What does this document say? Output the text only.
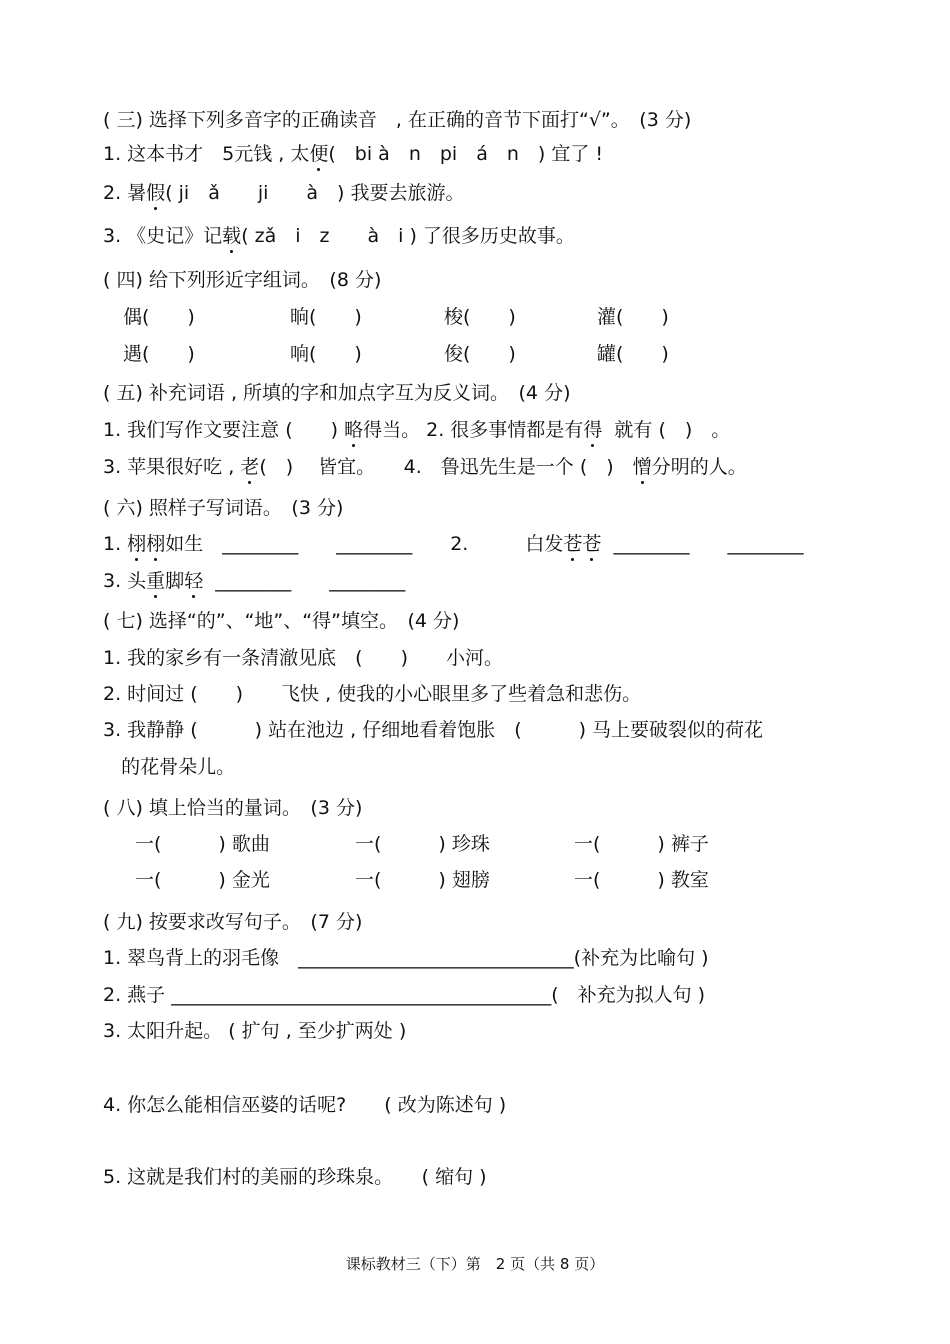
( 三) 选择下列多音字的正确读音　, 在正确的音节下面打“√”。　(3 分)
1. 这本书才　5元钱 , 太便(　bi à　n　pi　á　n　) 宜了 !
2. 暑假( ji　ǎ　　ji　　à　) 我要去旅游。
3. 《史记》记载( zǎ　i　z　　à　i ) 了很多历史故事。
( 四) 给下列形近字组词。　(8 分)
偶(　　)	晌(　　)	梭(　　)	灌(　　)
遇(　　)	响(　　)	俊(　　)	罐(　　)
( 五) 补充词语 , 所填的字和加点字互为反义词。　(4 分)
1. 我们写作文要注意 (　　) 略得当。 2. 很多事情都是有得  就有 (　)　。
3. 苹果很好吃 , 老(　)　 皆宜。　　4.　鲁迅先生是一个 (　)　憎分明的人。
( 六) 照样子写词语。　(3 分)
1. 栩栩如生　________　　________　　2.　　　白发苍苍  ________　　________
3. 头重脚轻  ________　　________
( 七) 选择“的”、“地”、“得”填空。　(4 分)
1. 我的家乡有一条清澈见底　(　　)　　小河。
2. 时间过 (　　)　　飞快 , 使我的小心眼里多了些着急和悲伤。
3. 我静静 (　　　) 站在池边 , 仔细地看着饱胀　(　　　) 马上要破裂似的荷花
的花骨朵儿。
( 八) 填上恰当的量词。　(3 分)
一(　　　) 歌曲	一(　　　) 珍珠	一(　　　) 裤子
一(　　　) 金光	一(　　　) 翅膀	一(　　　) 教室
( 九) 按要求改写句子。　(7 分)
1. 翠鸟背上的羽毛像　_____________________________(补充为比喻句 )
2. 燕子 ________________________________________(　补充为拟人句 )
3. 太阳升起。 ( 扩句 , 至少扩两处 )
4. 你怎么能相信巫婆的话呢?　　( 改为陈述句 )
5. 这就是我们村的美丽的珍珠泉。　　( 缩句 )
课标教材三（下）第　2 页（共 8 页）
